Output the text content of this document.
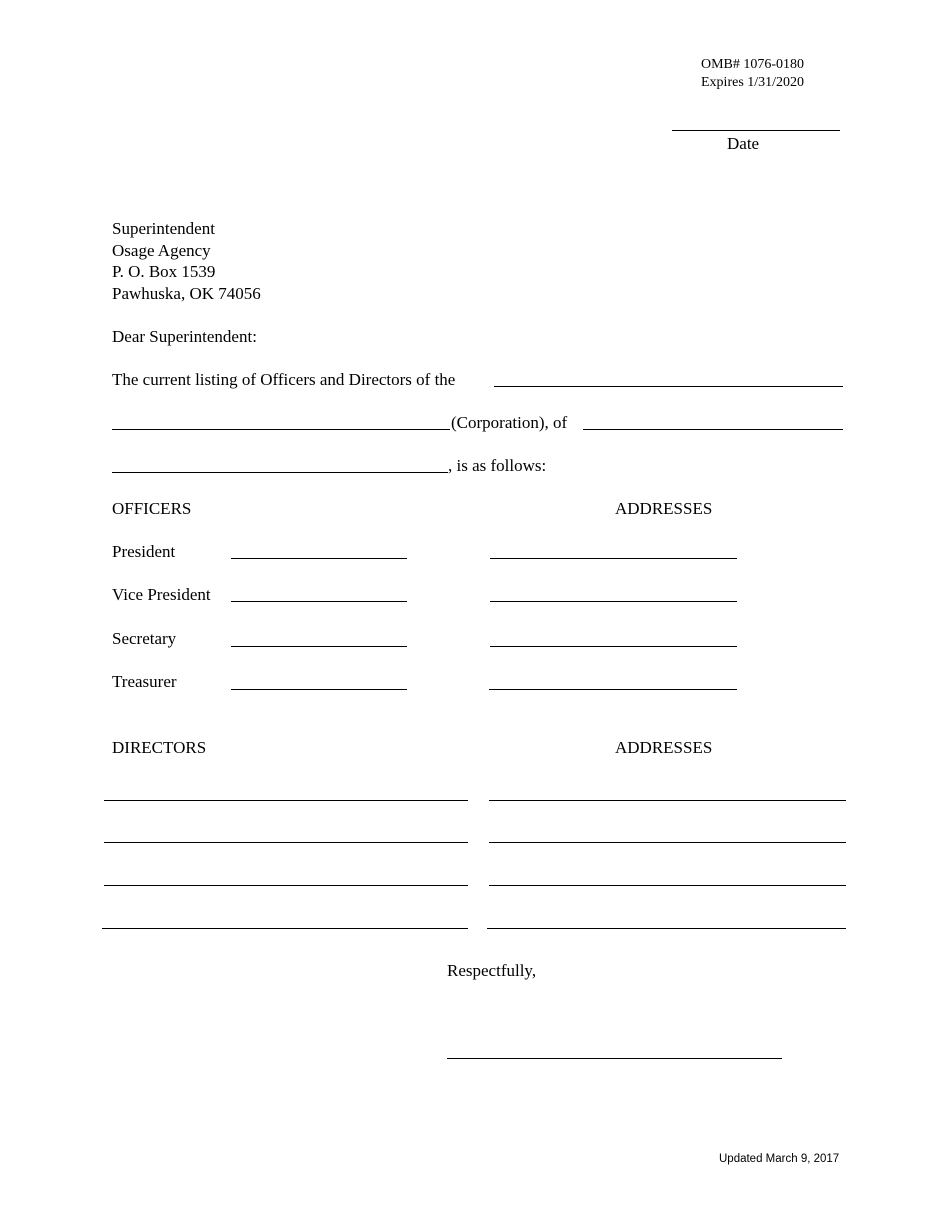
OMB# 1076-0180
Expires 1/31/2020
Date
Superintendent
Osage Agency
P. O. Box 1539
Pawhuska, OK 74056
Dear Superintendent:
The current listing of Officers and Directors of the
(Corporation), of
, is as follows:
OFFICERS	ADDRESSES
President
Vice President
Secretary
Treasurer
DIRECTORS	ADDRESSES
Respectfully,
Updated March 9, 2017
